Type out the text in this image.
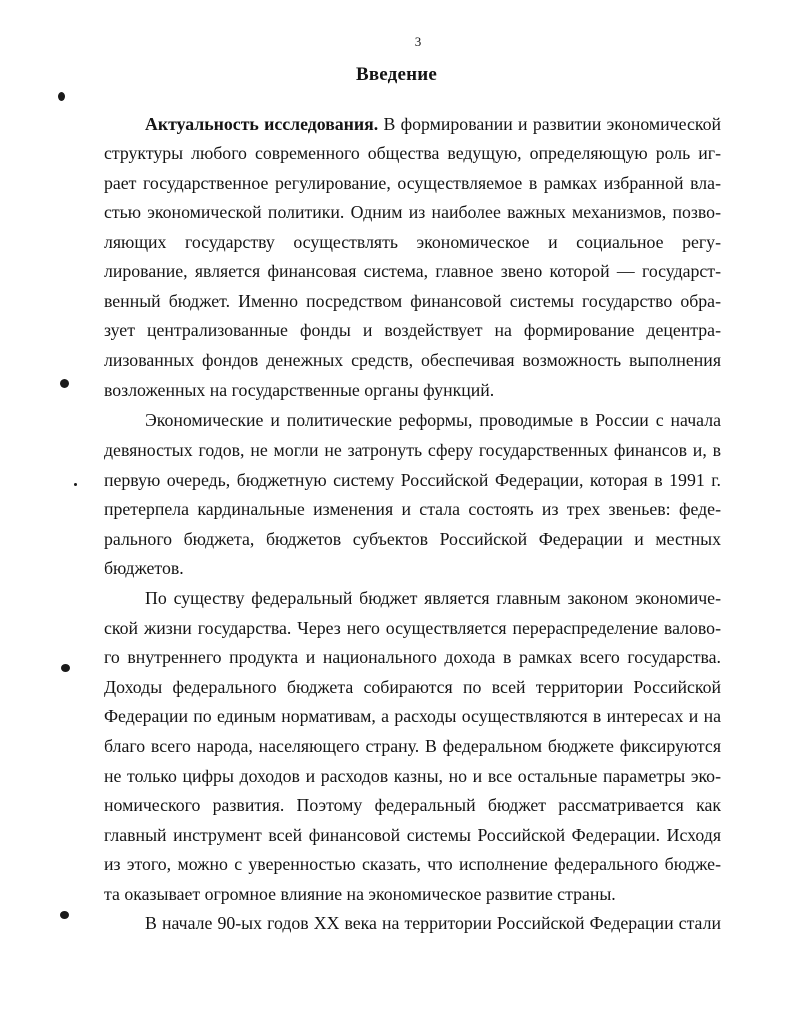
3
Введение
Актуальность исследования. В формировании и развитии экономической
структуры любого современного общества ведущую, определяющую роль иг-
рает государственное регулирование, осуществляемое в рамках избранной вла-
стью экономической политики. Одним из наиболее важных механизмов, позво-
ляющих государству осуществлять экономическое и социальное регу-
лирование, является финансовая система, главное звено которой — государст-
венный бюджет. Именно посредством финансовой системы государство обра-
зует централизованные фонды и воздействует на формирование децентра-
лизованных фондов денежных средств, обеспечивая возможность выполнения
возложенных на государственные органы функций.
Экономические и политические реформы, проводимые в России с начала
девяностых годов, не могли не затронуть сферу государственных финансов и, в
первую очередь, бюджетную систему Российской Федерации, которая в 1991 г.
претерпела кардинальные изменения и стала состоять из трех звеньев: феде-
рального бюджета, бюджетов субъектов Российской Федерации и местных
бюджетов.
По существу федеральный бюджет является главным законом экономиче-
ской жизни государства. Через него осуществляется перераспределение валово-
го внутреннего продукта и национального дохода в рамках всего государства.
Доходы федерального бюджета собираются по всей территории Российской
Федерации по единым нормативам, а расходы осуществляются в интересах и на
благо всего народа, населяющего страну. В федеральном бюджете фиксируются
не только цифры доходов и расходов казны, но и все остальные параметры эко-
номического развития. Поэтому федеральный бюджет рассматривается как
главный инструмент всей финансовой системы Российской Федерации. Исходя
из этого, можно с уверенностью сказать, что исполнение федерального бюдже-
та оказывает огромное влияние на экономическое развитие страны.
В начале 90-ых годов XX века на территории Российской Федерации стали
